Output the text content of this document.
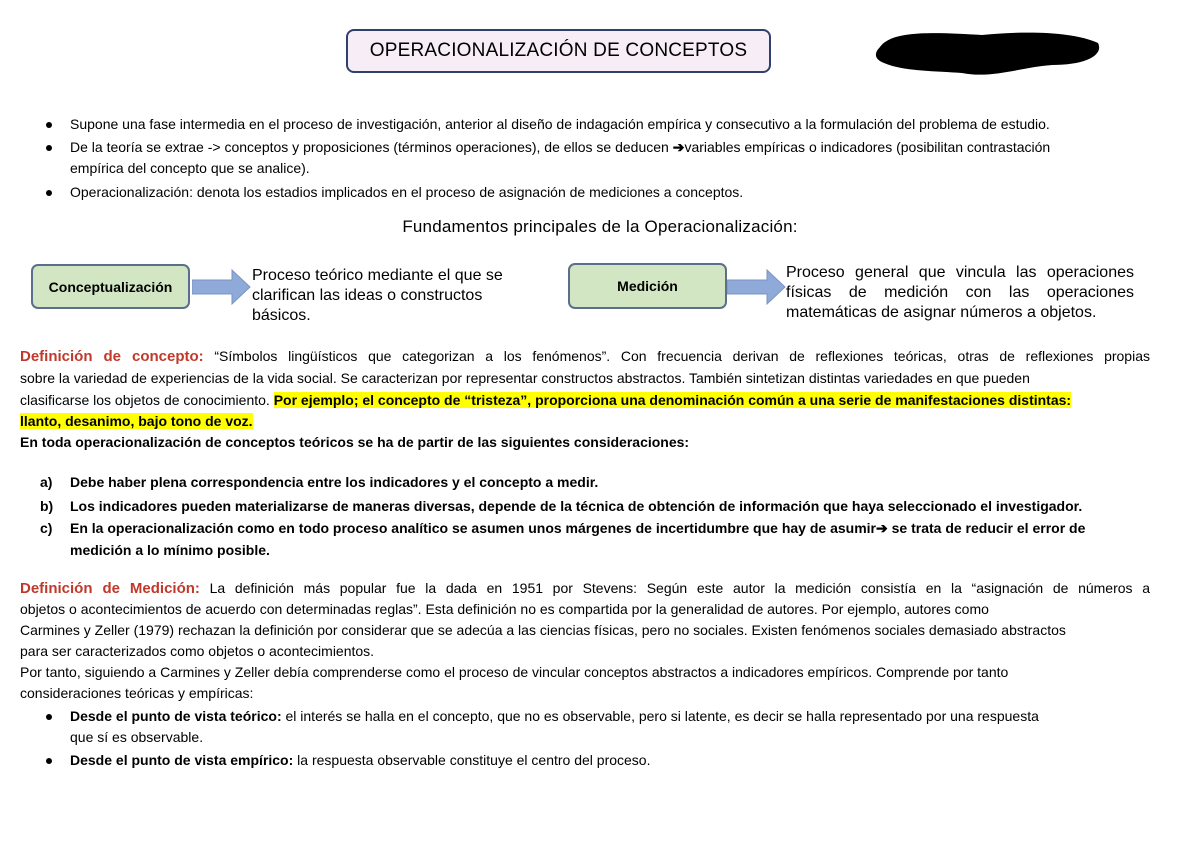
OPERACIONALIZACIÓN DE CONCEPTOS
Supone una fase intermedia en el proceso de investigación, anterior al diseño de indagación empírica y consecutivo a la formulación del problema de estudio.
De la teoría se extrae -> conceptos y proposiciones (términos operaciones), de ellos se deducen ➔variables empíricas o indicadores (posibilitan contrastación
empírica del concepto que se analice).
Operacionalización: denota los estadios implicados en el proceso de asignación de mediciones a conceptos.
Fundamentos principales de la Operacionalización:
Conceptualización
Proceso teórico mediante el que se
clarifican las ideas o constructos
básicos.
Medición
Proceso general que vincula las operaciones
físicas de medición con las operaciones
matemáticas de asignar números a objetos.
Definición de concepto: “Símbolos lingüísticos que categorizan a los fenómenos”. Con frecuencia derivan de reflexiones teóricas, otras de reflexiones propias
sobre la variedad de experiencias de la vida social. Se caracterizan por representar constructos abstractos. También sintetizan distintas variedades en que pueden
clasificarse los objetos de conocimiento. Por ejemplo; el concepto de “tristeza”, proporciona una denominación común a una serie de manifestaciones distintas:
llanto, desanimo, bajo tono de voz.
En toda operacionalización de conceptos teóricos se ha de partir de las siguientes consideraciones:
a) Debe haber plena correspondencia entre los indicadores y el concepto a medir.
b) Los indicadores pueden materializarse de maneras diversas, depende de la técnica de obtención de información que haya seleccionado el investigador.
c) En la operacionalización como en todo proceso analítico se asumen unos márgenes de incertidumbre que hay de asumir➔ se trata de reducir el error de
medición a lo mínimo posible.
Definición de Medición: La definición más popular fue la dada en 1951 por Stevens: Según este autor la medición consistía en la “asignación de números a
objetos o acontecimientos de acuerdo con determinadas reglas”. Esta definición no es compartida por la generalidad de autores. Por ejemplo, autores como
Carmines y Zeller (1979) rechazan la definición por considerar que se adecúa a las ciencias físicas, pero no sociales. Existen fenómenos sociales demasiado abstractos
para ser caracterizados como objetos o acontecimientos.
Por tanto, siguiendo a Carmines y Zeller debía comprenderse como el proceso de vincular conceptos abstractos a indicadores empíricos. Comprende por tanto
consideraciones teóricas y empíricas:
Desde el punto de vista teórico: el interés se halla en el concepto, que no es observable, pero si latente, es decir se halla representado por una respuesta
que sí es observable.
Desde el punto de vista empírico: la respuesta observable constituye el centro del proceso.
